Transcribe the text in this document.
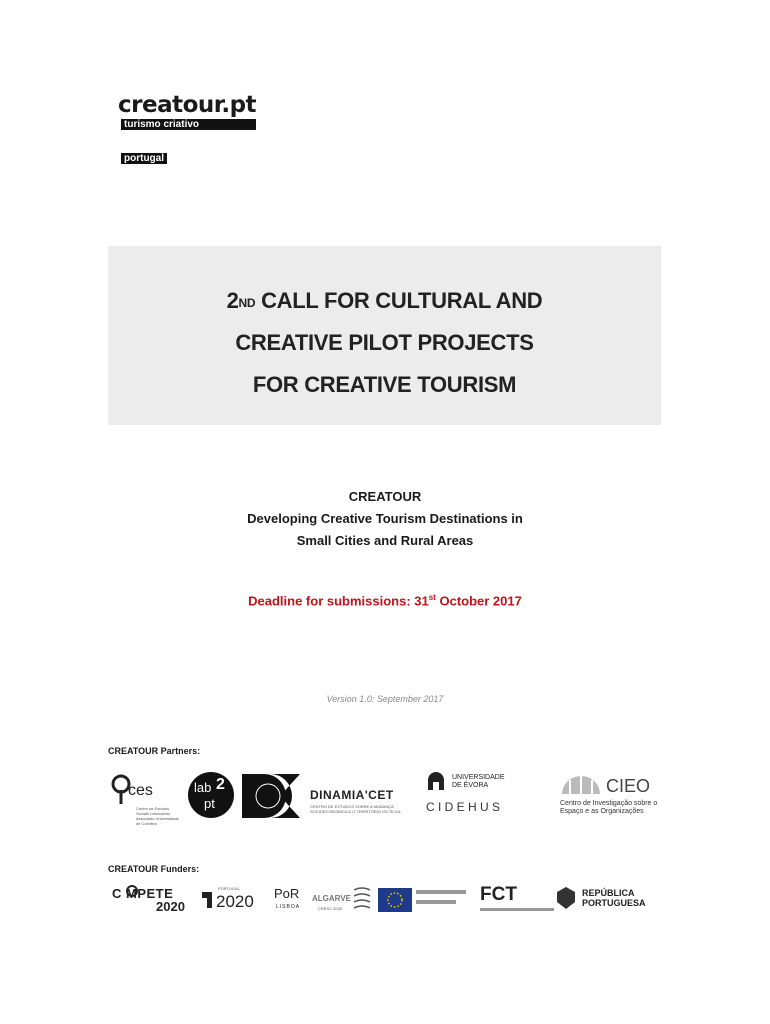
creatour.pt
turismo criativo

portugal
2ND CALL FOR CULTURAL AND
CREATIVE PILOT PROJECTS
FOR CREATIVE TOURISM
CREATOUR
Developing Creative Tourism Destinations in
Small Cities and Rural Areas
Deadline for submissions: 31st October 2017
Version 1.0: September 2017
CREATOUR Partners:
ces
Centro de Estudos Sociais Laboratório Associado Universidade de Coimbra
lab 2
pt
DINAMIA'CET
CENTRO DE ESTUDOS SOBRE A MUDANÇA SOCIOECONÓMICA E O TERRITÓRIO ISCTE-IUL
UNIVERSIDADE
DE ÉVORA
C I D E H U S
CIEO
Centro de Investigação sobre o Espaço e as Organizações
CREATOUR Funders:
C MPETE
2020
PORTUGAL
2020 PoR
LISBOA
ALGARVE
CRESC 2020
FCT	REPÚBLICA
PORTUGUESA
